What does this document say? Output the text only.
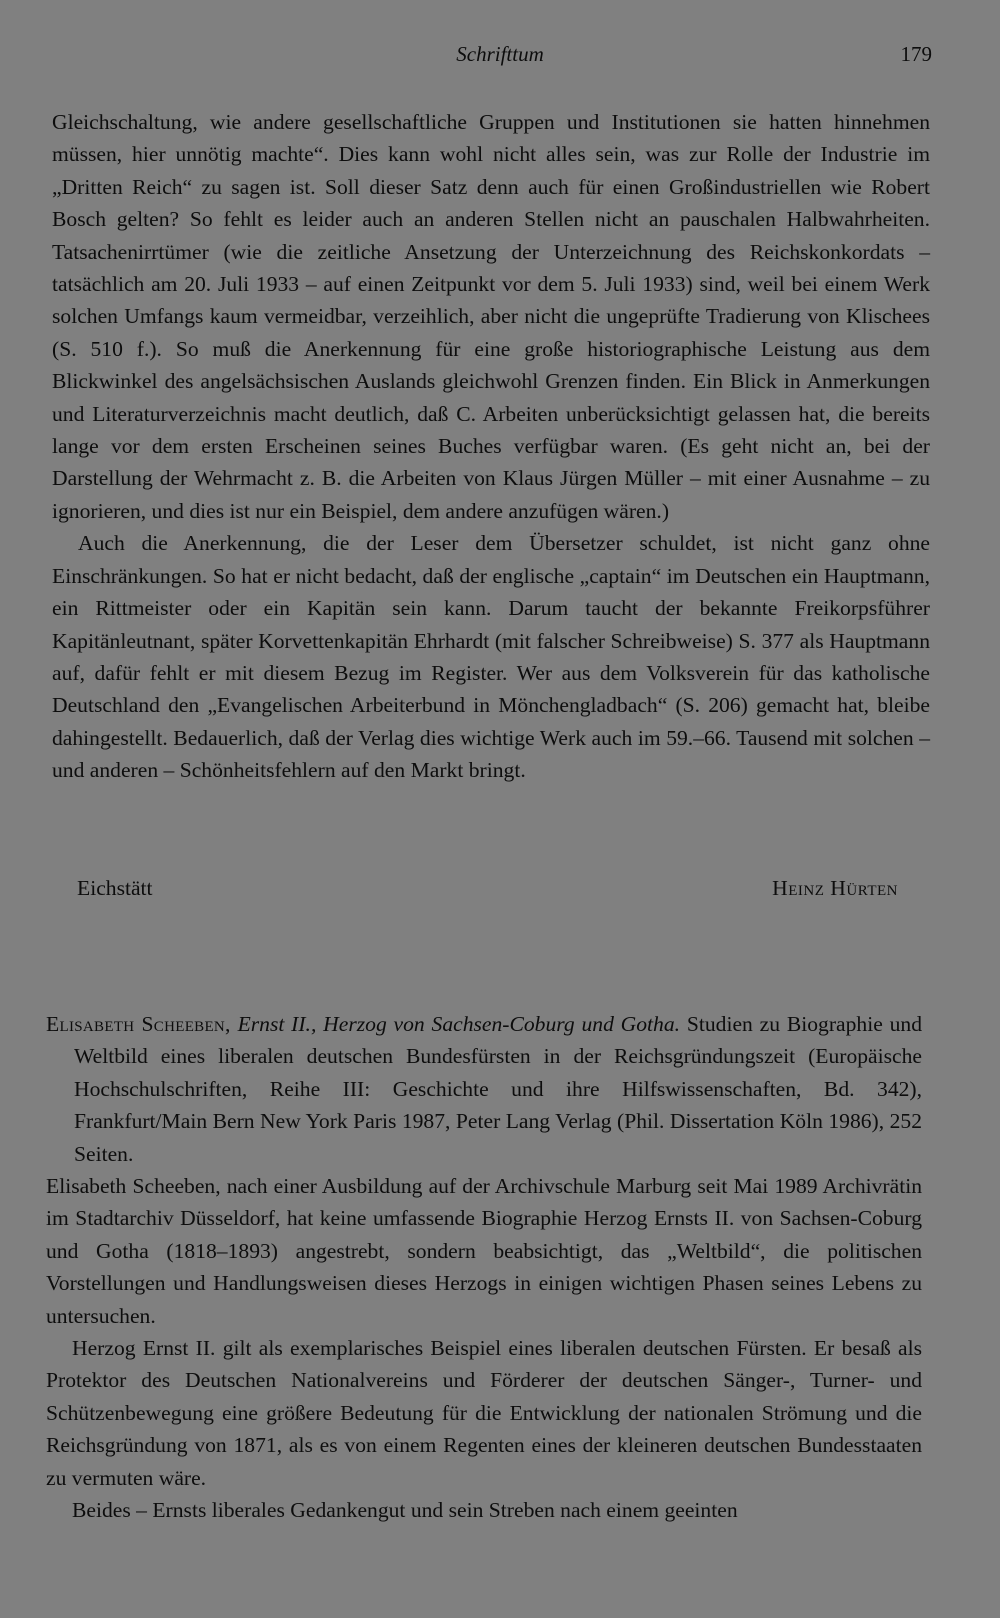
Schrifttum	179

Gleichschaltung, wie andere gesellschaftliche Gruppen und Institutionen sie hatten hinnehmen müssen, hier unnötig machte“. Dies kann wohl nicht alles sein, was zur Rolle der Industrie im „Dritten Reich“ zu sagen ist. Soll dieser Satz denn auch für einen Großindustriellen wie Robert Bosch gelten? So fehlt es leider auch an anderen Stellen nicht an pauschalen Halbwahrheiten. Tatsachenirrtümer (wie die zeitliche Ansetzung der Unterzeichnung des Reichskonkordats – tatsächlich am 20. Juli 1933 – auf einen Zeitpunkt vor dem 5. Juli 1933) sind, weil bei einem Werk solchen Umfangs kaum vermeidbar, verzeihlich, aber nicht die ungeprüfte Tradierung von Klischees (S. 510 f.). So muß die Anerkennung für eine große historiographische Leistung aus dem Blickwinkel des angelsächsischen Auslands gleichwohl Grenzen finden. Ein Blick in Anmerkungen und Literaturverzeichnis macht deutlich, daß C. Arbeiten unberücksichtigt gelassen hat, die bereits lange vor dem ersten Erscheinen seines Buches verfügbar waren. (Es geht nicht an, bei der Darstellung der Wehrmacht z. B. die Arbeiten von Klaus Jürgen Müller – mit einer Ausnahme – zu ignorieren, und dies ist nur ein Beispiel, dem andere anzufügen wären.)

Auch die Anerkennung, die der Leser dem Übersetzer schuldet, ist nicht ganz ohne Einschränkungen. So hat er nicht bedacht, daß der englische „captain“ im Deutschen ein Hauptmann, ein Rittmeister oder ein Kapitän sein kann. Darum taucht der bekannte Freikorpsführer Kapitänleutnant, später Korvettenkapitän Ehrhardt (mit falscher Schreibweise) S. 377 als Hauptmann auf, dafür fehlt er mit diesem Bezug im Register. Wer aus dem Volksverein für das katholische Deutschland den „Evangelischen Arbeiterbund in Mönchengladbach“ (S. 206) gemacht hat, bleibe dahingestellt. Bedauerlich, daß der Verlag dies wichtige Werk auch im 59.–66. Tausend mit solchen – und anderen – Schönheitsfehlern auf den Markt bringt.

Eichstätt	Heinz Hürten

Elisabeth Scheeben, Ernst II., Herzog von Sachsen-Coburg und Gotha. Studien zu Biographie und Weltbild eines liberalen deutschen Bundesfürsten in der Reichsgründungszeit (Europäische Hochschulschriften, Reihe III: Geschichte und ihre Hilfswissenschaften, Bd. 342), Frankfurt/Main Bern New York Paris 1987, Peter Lang Verlag (Phil. Dissertation Köln 1986), 252 Seiten.

Elisabeth Scheeben, nach einer Ausbildung auf der Archivschule Marburg seit Mai 1989 Archivrätin im Stadtarchiv Düsseldorf, hat keine umfassende Biographie Herzog Ernsts II. von Sachsen-Coburg und Gotha (1818–1893) angestrebt, sondern beabsichtigt, das „Weltbild“, die politischen Vorstellungen und Handlungsweisen dieses Herzogs in einigen wichtigen Phasen seines Lebens zu untersuchen.

Herzog Ernst II. gilt als exemplarisches Beispiel eines liberalen deutschen Fürsten. Er besaß als Protektor des Deutschen Nationalvereins und Förderer der deutschen Sänger-, Turner- und Schützenbewegung eine größere Bedeutung für die Entwicklung der nationalen Strömung und die Reichsgründung von 1871, als es von einem Regenten eines der kleineren deutschen Bundesstaaten zu vermuten wäre.

Beides – Ernsts liberales Gedankengut und sein Streben nach einem geeinten
